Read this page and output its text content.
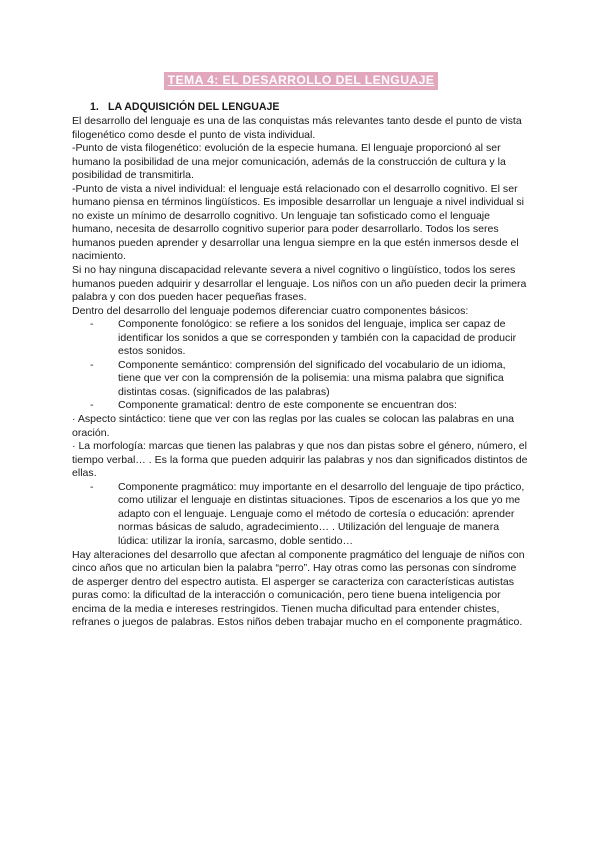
TEMA 4: EL DESARROLLO DEL LENGUAJE
1. LA ADQUISICIÓN DEL LENGUAJE

El desarrollo del lenguaje es una de las conquistas más relevantes tanto desde el punto de vista filogenético como desde el punto de vista individual.

-Punto de vista filogenético: evolución de la especie humana. El lenguaje proporcionó al ser humano la posibilidad de una mejor comunicación, además de la construcción de cultura y la posibilidad de transmitirla.

-Punto de vista a nivel individual: el lenguaje está relacionado con el desarrollo cognitivo. El ser humano piensa en términos lingüísticos. Es imposible desarrollar un lenguaje a nivel individual si no existe un mínimo de desarrollo cognitivo. Un lenguaje tan sofisticado como el lenguaje humano, necesita de desarrollo cognitivo superior para poder desarrollarlo. Todos los seres humanos pueden aprender y desarrollar una lengua siempre en la que estén inmersos desde el nacimiento.

Si no hay ninguna discapacidad relevante severa a nivel cognitivo o lingüístico, todos los seres humanos pueden adquirir y desarrollar el lenguaje. Los niños con un año pueden decir la primera palabra y con dos pueden hacer pequeñas frases.

Dentro del desarrollo del lenguaje podemos diferenciar cuatro componentes básicos:

- Componente fonológico: se refiere a los sonidos del lenguaje, implica ser capaz de identificar los sonidos a que se corresponden y también con la capacidad de producir estos sonidos.
- Componente semántico: comprensión del significado del vocabulario de un idioma, tiene que ver con la comprensión de la polisemia: una misma palabra que significa distintas cosas. (significados de las palabras)
- Componente gramatical: dentro de este componente se encuentran dos:

· Aspecto sintáctico: tiene que ver con las reglas por las cuales se colocan las palabras en una oración.

· La morfología: marcas que tienen las palabras y que nos dan pistas sobre el género, número, el tiempo verbal… . Es la forma que pueden adquirir las palabras y nos dan significados distintos de ellas.

- Componente pragmático: muy importante en el desarrollo del lenguaje de tipo práctico, como utilizar el lenguaje en distintas situaciones. Tipos de escenarios a los que yo me adapto con el lenguaje. Lenguaje como el método de cortesía o educación: aprender normas básicas de saludo, agradecimiento… . Utilización del lenguaje de manera lúdica: utilizar la ironía, sarcasmo, doble sentido…

Hay alteraciones del desarrollo que afectan al componente pragmático del lenguaje de niños con cinco años que no articulan bien la palabra “perro”. Hay otras como las personas con síndrome de asperger dentro del espectro autista. El asperger se caracteriza con características autistas puras como: la dificultad de la interacción o comunicación, pero tiene buena inteligencia por encima de la media e intereses restringidos. Tienen mucha dificultad para entender chistes, refranes o juegos de palabras. Estos niños deben trabajar mucho en el componente pragmático.
